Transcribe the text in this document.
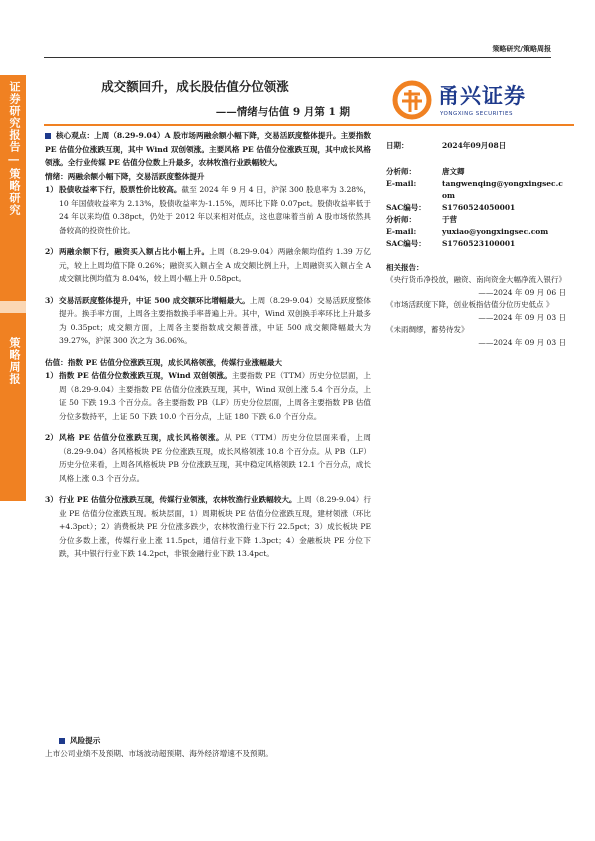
策略研究/策略周报
证券研究报告 | 策略研究
策略周报
成交额回升，成长股估值分位领涨
——情绪与估值 9 月第 1 期
甬兴证券
YONGXING SECURITIES

核心观点：上周（8.29-9.04）A 股市场两融余额小幅下降，交易活跃度整体提升。主要指数 PE 估值分位涨跌互现，其中 Wind 双创领涨。主要风格 PE 估值分位涨跌互现，其中成长风格领涨。全行业传媒 PE 估值分位数上升最多，农林牧渔行业跌幅较大。

情绪：两融余额小幅下降，交易活跃度整体提升

1） 股债收益率下行，股票性价比较高。截至 2024 年 9 月 4 日，沪深 300 股息率为 3.28%，10 年国债收益率为 2.13%，股债收益率为-1.15%，周环比下降 0.07pct。股债收益率低于 24 年以来均值 0.38pct，仍处于 2012 年以来相对低点，这也意味着当前 A 股市场依然具备较高的投资性价比。
2） 两融余额下行，融资买入额占比小幅上升。上周（8.29-9.04）两融余额均值约 1.39 万亿元，较上上周均值下降 0.26%；融资买入额占全 A 成交额比例上升，上周融资买入额占全 A 成交额比例均值为 8.04%，较上周小幅上升 0.58pct。
3） 交易活跃度整体提升，中证 500 成交额环比增幅最大。上周（8.29-9.04）交易活跃度整体提升。换手率方面，上周各主要指数换手率普遍上升。其中，Wind 双创换手率环比上升最多为 0.35pct；成交额方面，上周各主要指数成交额普涨，中证 500 成交额降幅最大为 39.27%，沪深 300 次之为 36.06%。

估值：指数 PE 估值分位涨跌互现，成长风格领涨，传媒行业涨幅最大

1） 指数 PE 估值分位数涨跌互现，Wind 双创领涨。主要指数 PE（TTM）历史分位层面，上周（8.29-9.04）主要指数 PE 估值分位涨跌互现，其中，Wind 双创上涨 5.4 个百分点，上证 50 下跌 19.3 个百分点。各主要指数 PB（LF）历史分位层面，上周各主要指数 PB 估值分位多数持平，上证 50 下跌 10.0 个百分点，上证 180 下跌 6.0 个百分点。
2） 风格 PE 估值分位涨跌互现，成长风格领涨。从 PE（TTM）历史分位层面来看，上周（8.29-9.04）各风格板块 PE 分位涨跌互现，成长风格领涨 10.8 个百分点。从 PB（LF）历史分位来看，上周各风格板块 PB 分位涨跌互现，其中稳定风格领跌 12.1 个百分点，成长风格上涨 0.3 个百分点。
3） 行业 PE 估值分位涨跌互现，传媒行业领涨，农林牧渔行业跌幅较大。上周（8.29-9.04）行业 PE 估值分位涨跌互现。板块层面，1）周期板块 PE 估值分位涨跌互现，建材领涨（环比+4.3pct）；2）消费板块 PE 分位涨多跌少，农林牧渔行业下行 22.5pct；3）成长板块 PE 分位多数上涨，传媒行业上涨 11.5pct，通信行业下降 1.3pct；4）金融板块 PE 分位下跌，其中银行行业下跌 14.2pct，非银金融行业下跌 13.4pct。
日期：	2024年09月08日
分析师：	唐文卿
E-mail:	tangwenqing@yongxingsec.com
SAC编号：	S1760524050001
分析师：	于营
E-mail:	yuxiao@yongxingsec.com
SAC编号：	S1760523100001
相关报告：
《央行货币净投放，融资、南向资金大幅净流入银行》
——2024 年 09 月 06 日
《市场活跃度下降，创业板指估值分位历史低点 》
——2024 年 09 月 03 日
《未雨绸缪，蓄势待发》
——2024 年 09 月 03 日
风险提示
上市公司业绩不及预期、市场波动超预期、海外经济增速不及预期。
